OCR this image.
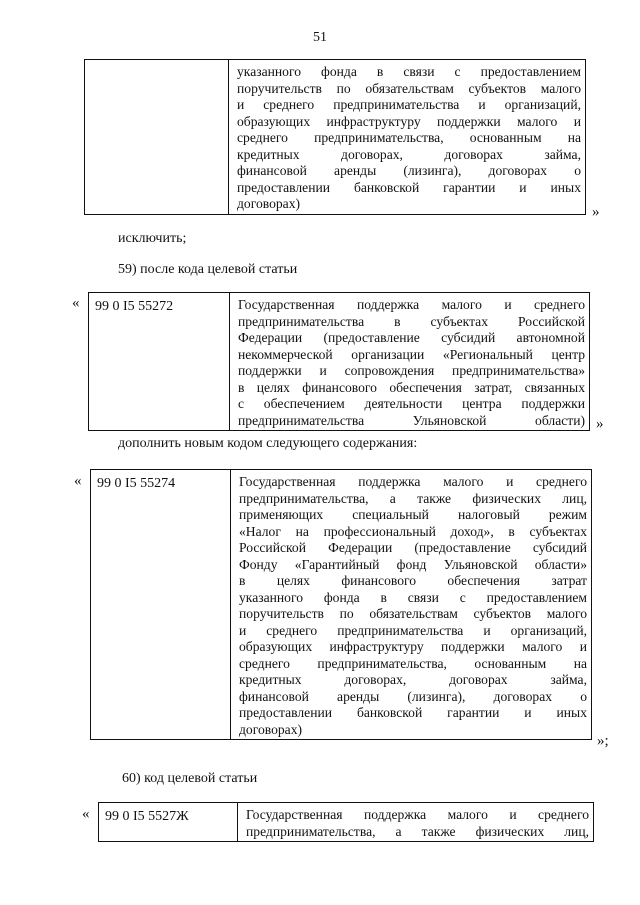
51

указанного фонда в связи с предоставлением
поручительств по обязательствам субъектов малого
и среднего предпринимательства и организаций,
образующих инфраструктуру поддержки малого и
среднего предпринимательства, основанным на
кредитных договорах, договорах займа,
финансовой аренды (лизинга), договорах о
предоставлении банковской гарантии и иных
договорах)
»
исключить;
59) после кода целевой статьи
« 99 0 I5 55272	Государственная поддержка малого и среднего
предпринимательства в субъектах Российской
Федерации (предоставление субсидий автономной
некоммерческой организации «Региональный центр
поддержки и сопровождения предпринимательства»
в целях финансового обеспечения затрат, связанных
с обеспечением деятельности центра поддержки
предпринимательства Ульяновской области) »
дополнить новым кодом следующего содержания:
« 99 0 I5 55274	Государственная поддержка малого и среднего
предпринимательства, а также физических лиц,
применяющих специальный налоговый режим
«Налог на профессиональный доход», в субъектах
Российской Федерации (предоставление субсидий
Фонду «Гарантийный фонд Ульяновской области»
в целях финансового обеспечения затрат
указанного фонда в связи с предоставлением
поручительств по обязательствам субъектов малого
и среднего предпринимательства и организаций,
образующих инфраструктуру поддержки малого и
среднего предпринимательства, основанным на
кредитных договорах, договорах займа,
финансовой аренды (лизинга), договорах о
предоставлении банковской гарантии и иных
договорах)
»;
60) код целевой статьи
« 99 0 I5 5527Ж	Государственная поддержка малого и среднего
предпринимательства, а также физических лиц,
